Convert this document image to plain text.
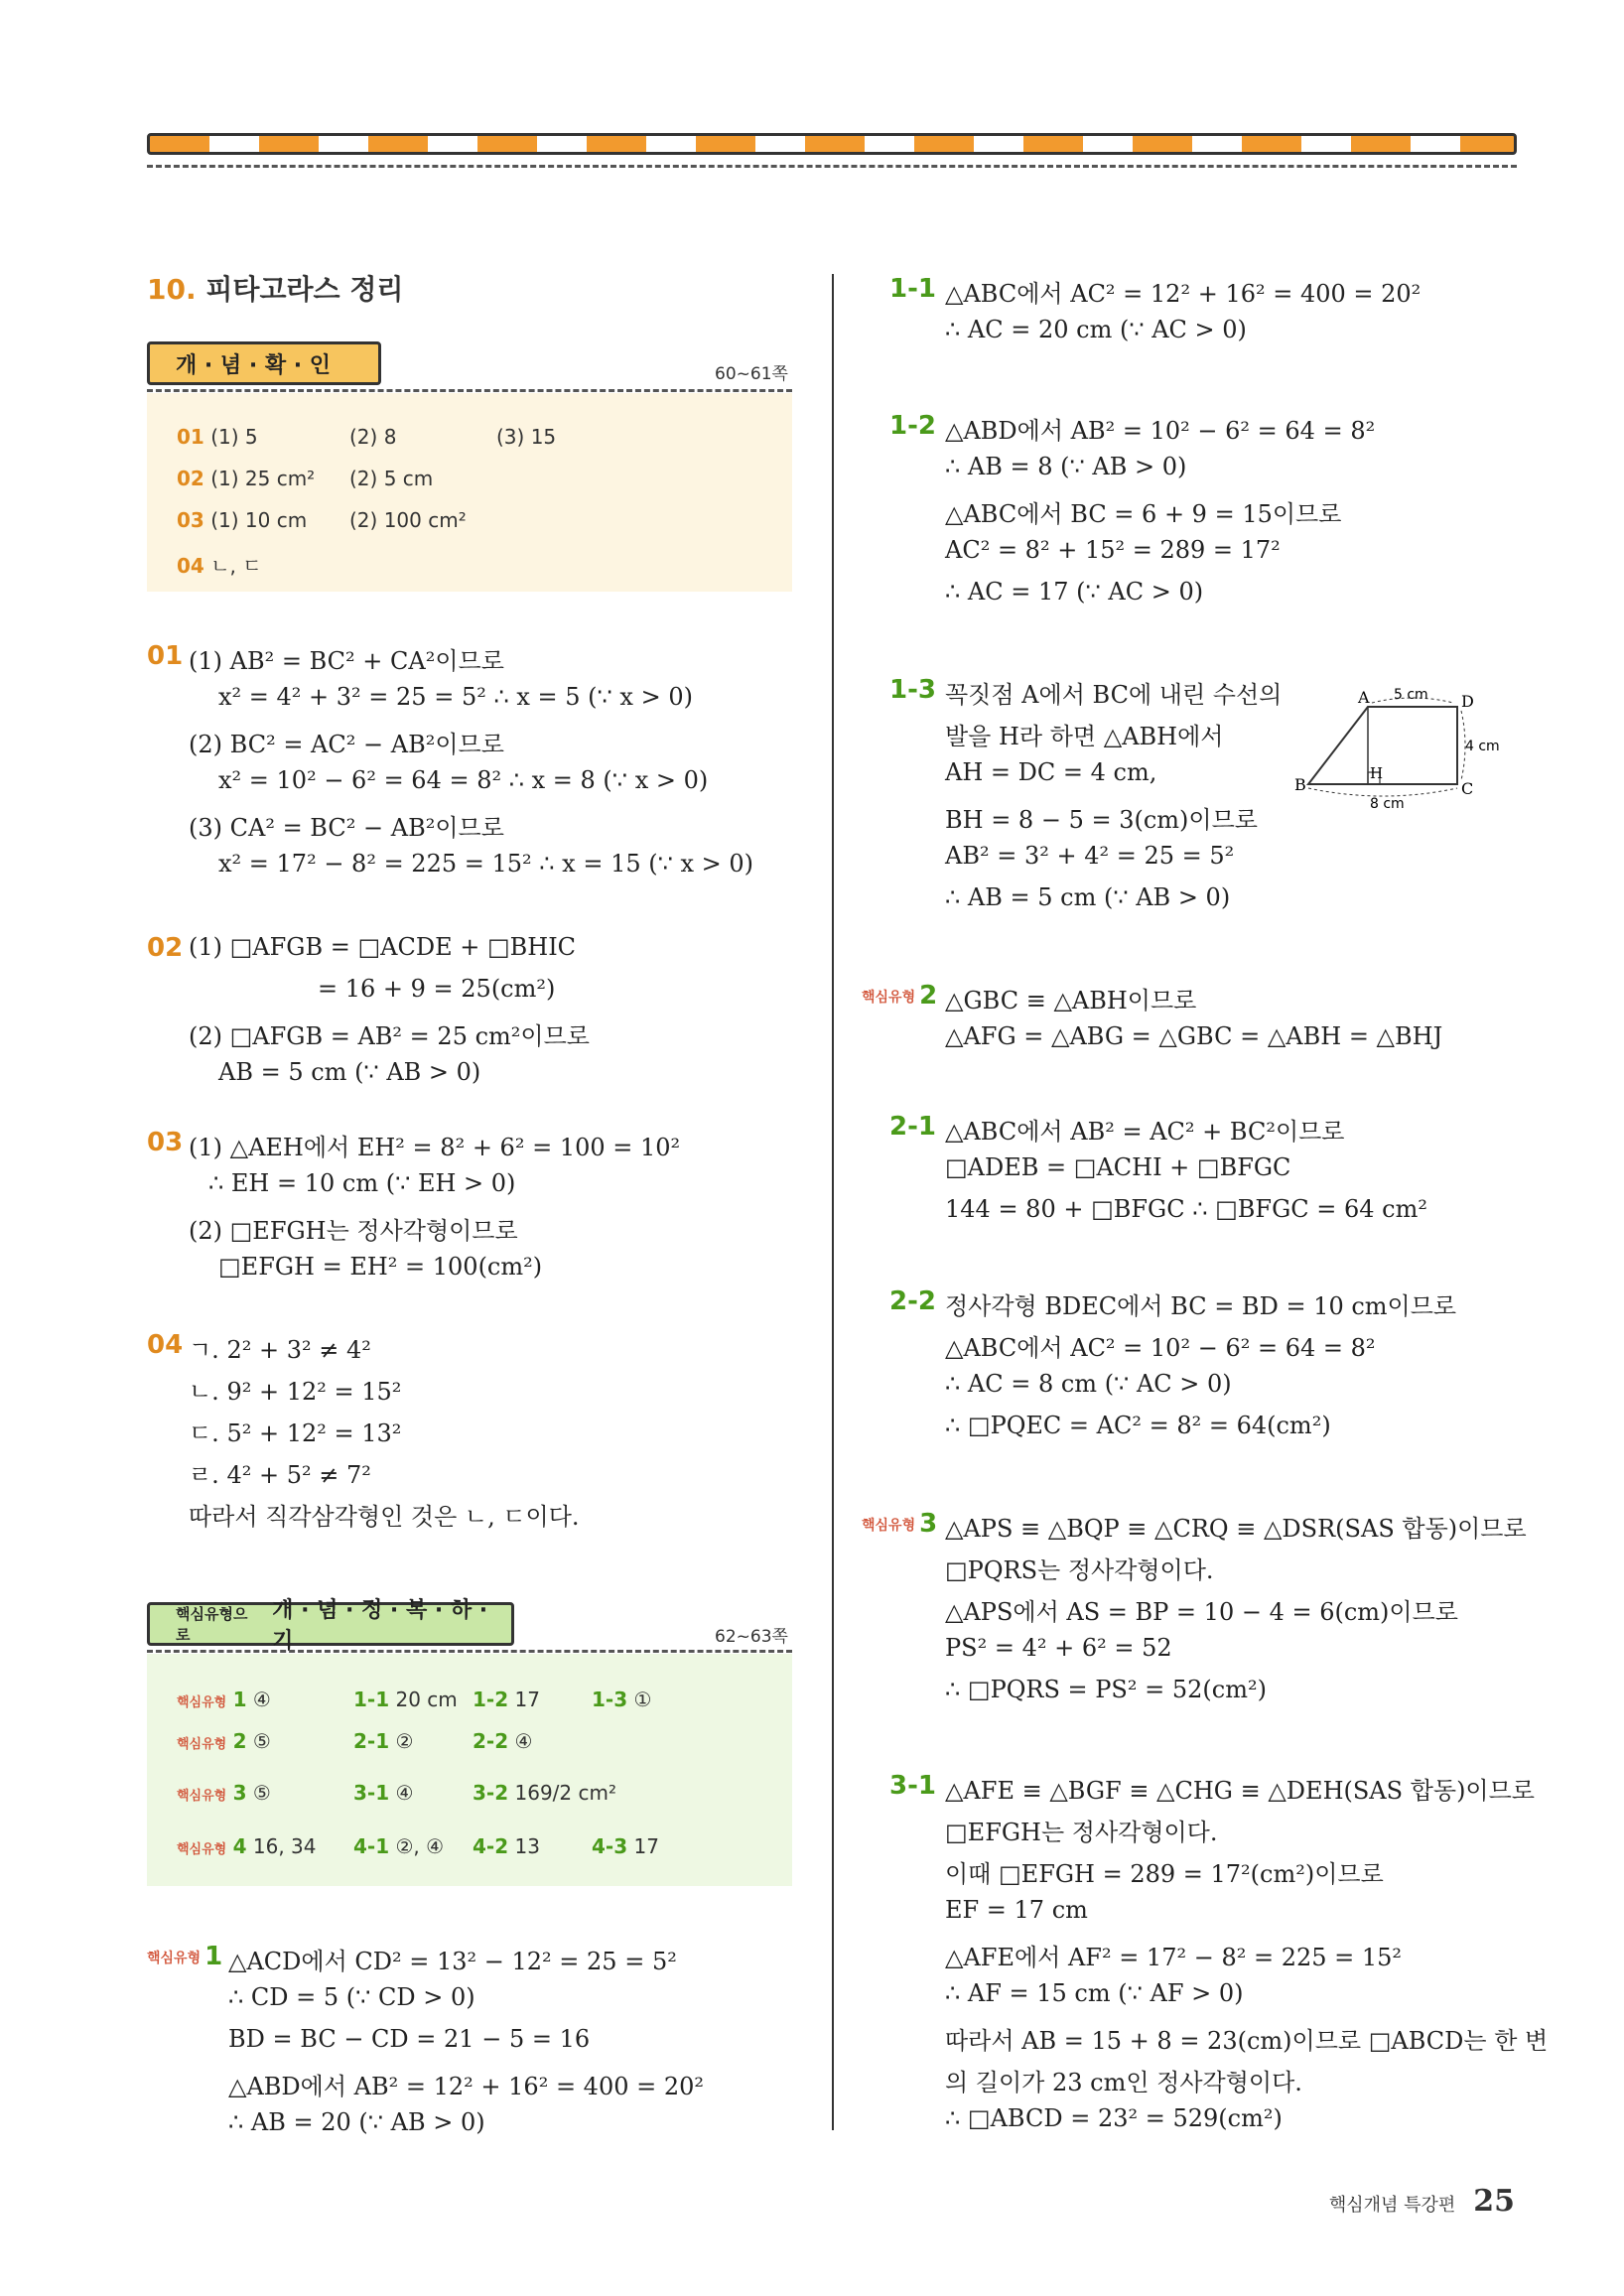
10. 피타고라스 정리
개 · 념 · 확 · 인	60~61쪽
01 (1) 5	(2) 8	(3) 15
02 (1) 25 cm² (2) 5 cm
03 (1) 10 cm (2) 100 cm²
04 ㄴ, ㄷ
01 (1) AB² = BC² + CA²이므로
x² = 4² + 3² = 25 = 5² ∴ x = 5 (∵ x > 0)
(2) BC² = AC² − AB²이므로
x² = 10² − 6² = 64 = 8² ∴ x = 8 (∵ x > 0)
(3) CA² = BC² − AB²이므로
x² = 17² − 8² = 225 = 15² ∴ x = 15 (∵ x > 0)
02 (1) □AFGB = □ACDE + □BHIC
= 16 + 9 = 25(cm²)
(2) □AFGB = AB² = 25 cm²이므로
AB = 5 cm (∵ AB > 0)
03 (1) △AEH에서 EH² = 8² + 6² = 100 = 10²
∴ EH = 10 cm (∵ EH > 0)
(2) □EFGH는 정사각형이므로
□EFGH = EH² = 100(cm²)
04 ㄱ. 2² + 3² ≠ 4²
ㄴ. 9² + 12² = 15²
ㄷ. 5² + 12² = 13²
ㄹ. 4² + 5² ≠ 7²
따라서 직각삼각형인 것은 ㄴ, ㄷ이다.
핵심유형으로
개 · 념 · 정 · 복 · 하 · 기	62~63쪽
핵심유형 1 ④	1-1 20 cm 1-2 17	1-3 ①
핵심유형 2 ⑤	2-1 ②	2-2 ④
핵심유형 3 ⑤	3-1 ④	3-2 169/2 cm²
핵심유형 4 16, 34 4-1 ②, ④ 4-2 13	4-3 17
핵심유형 1 △ACD에서 CD² = 13² − 12² = 25 = 5²
∴ CD = 5 (∵ CD > 0)
BD = BC − CD = 21 − 5 = 16
△ABD에서 AB² = 12² + 16² = 400 = 20²
∴ AB = 20 (∵ AB > 0)
1-1 △ABC에서 AC² = 12² + 16² = 400 = 20²
∴ AC = 20 cm (∵ AC > 0)
1-2 △ABD에서 AB² = 10² − 6² = 64 = 8²
∴ AB = 8 (∵ AB > 0)
△ABC에서 BC = 6 + 9 = 15이므로
AC² = 8² + 15² = 289 = 17²
∴ AC = 17 (∵ AC > 0)
1-3 꼭짓점 A에서 BC에 내린 수선의
발을 H라 하면 △ABH에서
AH = DC = 4 cm,
BH = 8 − 5 = 3(cm)이므로
AB² = 3² + 4² = 25 = 5²
∴ AB = 5 cm (∵ AB > 0)
핵심유형 2 △GBC ≡ △ABH이므로
△AFG = △ABG = △GBC = △ABH = △BHJ
2-1 △ABC에서 AB² = AC² + BC²이므로
□ADEB = □ACHI + □BFGC
144 = 80 + □BFGC ∴ □BFGC = 64 cm²
2-2 정사각형 BDEC에서 BC = BD = 10 cm이므로
△ABC에서 AC² = 10² − 6² = 64 = 8²
∴ AC = 8 cm (∵ AC > 0)
∴ □PQEC = AC² = 8² = 64(cm²)
핵심유형 3 △APS ≡ △BQP ≡ △CRQ ≡ △DSR(SAS 합동)이므로
□PQRS는 정사각형이다.
△APS에서 AS = BP = 10 − 4 = 6(cm)이므로
PS² = 4² + 6² = 52
∴ □PQRS = PS² = 52(cm²)
3-1 △AFE ≡ △BGF ≡ △CHG ≡ △DEH(SAS 합동)이므로
□EFGH는 정사각형이다.
이때 □EFGH = 289 = 17²(cm²)이므로
EF = 17 cm
△AFE에서 AF² = 17² − 8² = 225 = 15²
∴ AF = 15 cm (∵ AF > 0)
따라서 AB = 15 + 8 = 23(cm)이므로 □ABCD는 한 변
의 길이가 23 cm인 정사각형이다.
∴ □ABCD = 23² = 529(cm²)
A
B	C
D
H
5 cm
4 cm
8 cm
핵심개념 특강편 25
